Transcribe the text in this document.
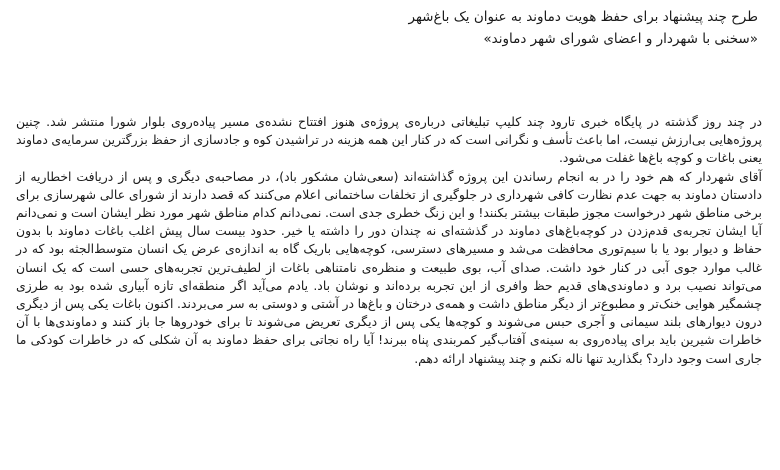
طرح چند پیشنهاد برای حفظ هویت دماوند به عنوان یک باغ‌شهر
«سخنی با شهردار و اعضای شورای شهر دماوند»

در چند روز گذشته در پایگاه خبری تارود چند کلیپ تبلیغاتی درباره‌ی پروژه‌ی هنوز افتتاح نشده‌ی مسیر پیاده‌روی بلوار شورا منتشر شد. چنین پروژه‌هایی بی‌ارزش نیست، اما باعث تأسف و نگرانی است که در کنار این همه هزینه در تراشیدن کوه و جادسازی از حفظ بزرگترین سرمایه‌ی دماوند یعنی باغات و کوچه باغ‌ها غفلت می‌شود.

آقای شهردار که هم خود را در به انجام رساندن این پروژه گذاشته‌اند (سعی‌شان مشکور باد)، در مصاحبه‌ی دیگری و پس از دریافت اخطاریه از دادستان دماوند به جهت عدم نظارت کافی شهرداری در جلوگیری از تخلفات ساختمانی اعلام می‌کنند که قصد دارند از شورای عالی شهرسازی برای برخی مناطق شهر درخواست مجوز طبقات بیشتر بکنند! و این زنگ خطری جدی است. نمی‌دانم کدام مناطق شهر مورد نظر ایشان است و نمی‌دانم آیا ایشان تجربه‌ی قدم‌زدن در کوچه‌باغ‌های دماوند در گذشته‌ای نه چندان دور را داشته یا خیر. حدود بیست سال پیش اغلب باغات دماوند با بدون حفاظ و دیوار بود یا با سیم‌توری محافظت می‌شد و مسیرهای دسترسی، کوچه‌هایی باریک گاه به اندازه‌ی عرض یک انسان متوسط‌الجثه بود که در غالب موارد جوی آبی در کنار خود داشت. صدای آب، بوی طبیعت و منظره‌ی نامتناهی باغات از لطیف‌ترین تجربه‌های حسی است که یک انسان می‌تواند نصیب برد و دماوندی‌های قدیم حظ وافری از این تجربه برده‌اند و نوشان باد. یادم می‌آید اگر منطقه‌ای تازه آبیاری شده بود به طرزی چشمگیر هوایی خنک‌تر و مطبوع‌تر از دیگر مناطق داشت و همه‌ی درختان و باغ‌ها در آشتی و دوستی به سر می‌بردند. اکنون باغات یکی پس از دیگری درون دیوارهای بلند سیمانی و آجری حبس می‌شوند و کوچه‌ها یکی پس از دیگری تعریض می‌شوند تا برای خودروها جا باز کنند و دماوندی‌ها با آن خاطرات شیرین باید برای پیاده‌روی به سینه‌ی آفتاب‌گیر کمربندی پناه ببرند! آیا راه نجاتی برای حفظ دماوند به آن شکلی که در خاطرات کودکی ما جاری است وجود دارد؟ بگذارید تنها ناله نکنم و چند پیشنهاد ارائه دهم.
